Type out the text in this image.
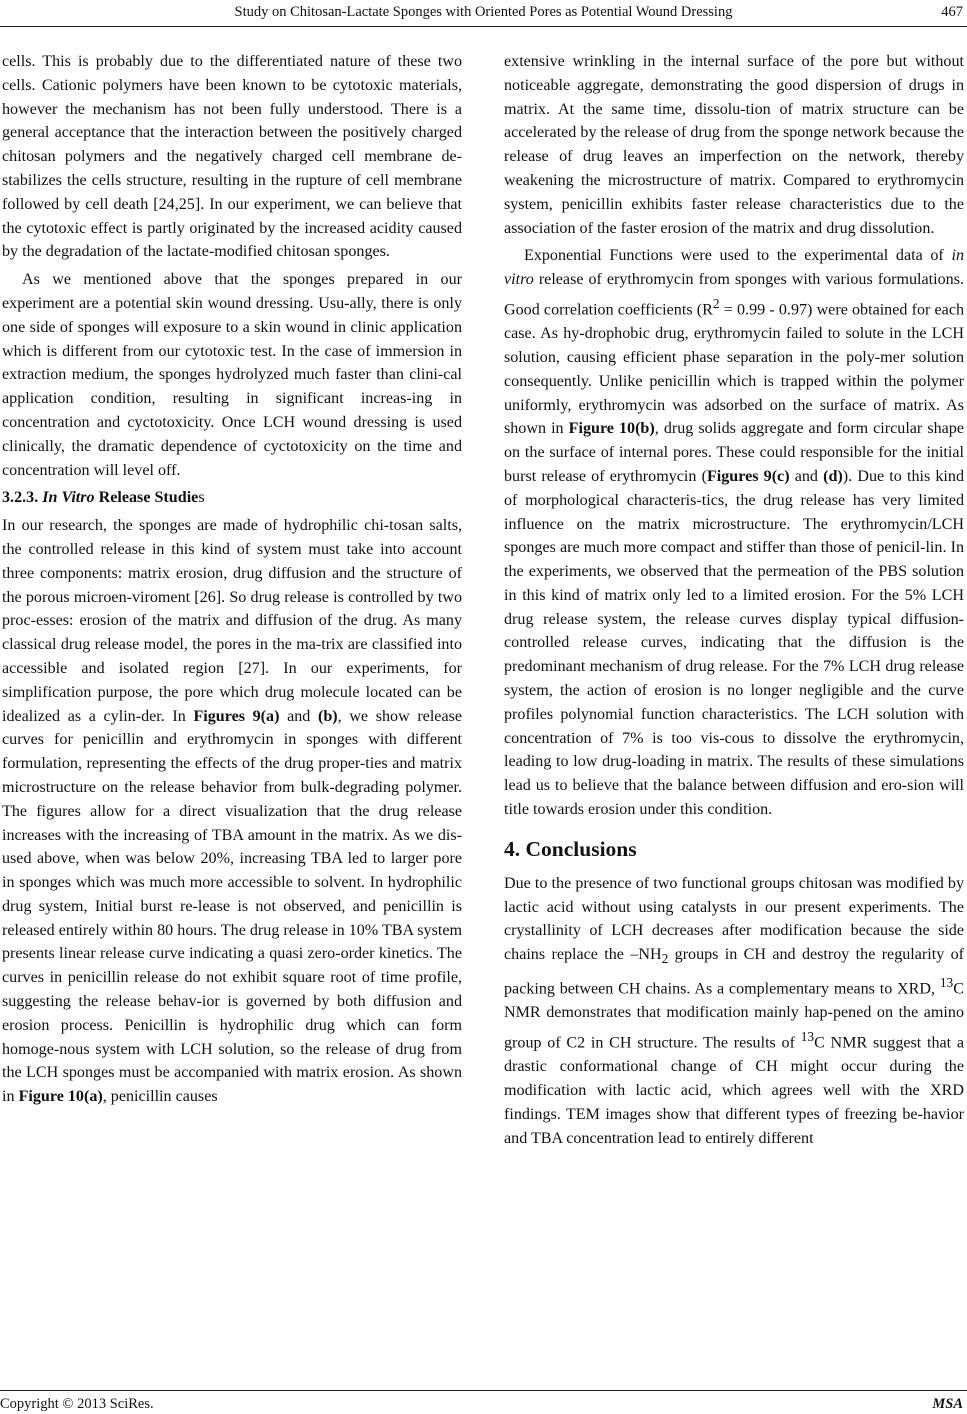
Study on Chitosan-Lactate Sponges with Oriented Pores as Potential Wound Dressing	467

cells. This is probably due to the differentiated nature of these two cells. Cationic polymers have been known to be cytotoxic materials, however the mechanism has not been fully understood. There is a general acceptance that the interaction between the positively charged chitosan polymers and the negatively charged cell membrane de-stabilizes the cells structure, resulting in the rupture of cell membrane followed by cell death [24,25]. In our experiment, we can believe that the cytotoxic effect is partly originated by the increased acidity caused by the degradation of the lactate-modified chitosan sponges.

As we mentioned above that the sponges prepared in our experiment are a potential skin wound dressing. Usu-ally, there is only one side of sponges will exposure to a skin wound in clinic application which is different from our cytotoxic test. In the case of immersion in extraction medium, the sponges hydrolyzed much faster than clini-cal application condition, resulting in significant increas-ing in concentration and cyctotoxicity. Once LCH wound dressing is used clinically, the dramatic dependence of cyctotoxicity on the time and concentration will level off.

3.2.3. In Vitro Release Studies

In our research, the sponges are made of hydrophilic chi-tosan salts, the controlled release in this kind of system must take into account three components: matrix erosion, drug diffusion and the structure of the porous microen-viroment [26]. So drug release is controlled by two proc-esses: erosion of the matrix and diffusion of the drug. As many classical drug release model, the pores in the ma-trix are classified into accessible and isolated region [27]. In our experiments, for simplification purpose, the pore which drug molecule located can be idealized as a cylin-der. In Figures 9(a) and (b), we show release curves for penicillin and erythromycin in sponges with different formulation, representing the effects of the drug proper-ties and matrix microstructure on the release behavior from bulk-degrading polymer. The figures allow for a direct visualization that the drug release increases with the increasing of TBA amount in the matrix. As we dis-used above, when was below 20%, increasing TBA led to larger pore in sponges which was much more accessible to solvent. In hydrophilic drug system, Initial burst re-lease is not observed, and penicillin is released entirely within 80 hours. The drug release in 10% TBA system presents linear release curve indicating a quasi zero-order kinetics. The curves in penicillin release do not exhibit square root of time profile, suggesting the release behav-ior is governed by both diffusion and erosion process. Penicillin is hydrophilic drug which can form homoge-nous system with LCH solution, so the release of drug from the LCH sponges must be accompanied with matrix erosion. As shown in Figure 10(a), penicillin causes

extensive wrinkling in the internal surface of the pore but without noticeable aggregate, demonstrating the good dispersion of drugs in matrix. At the same time, dissolu-tion of matrix structure can be accelerated by the release of drug from the sponge network because the release of drug leaves an imperfection on the network, thereby weakening the microstructure of matrix. Compared to erythromycin system, penicillin exhibits faster release characteristics due to the association of the faster erosion of the matrix and drug dissolution.

Exponential Functions were used to the experimental data of in vitro release of erythromycin from sponges with various formulations. Good correlation coefficients $(R^2 = 0.99 - 0.97)$ were obtained for each case. As hy-drophobic drug, erythromycin failed to solute in the LCH solution, causing efficient phase separation in the poly-mer solution consequently. Unlike penicillin which is trapped within the polymer uniformly, erythromycin was adsorbed on the surface of matrix. As shown in Figure 10(b), drug solids aggregate and form circular shape on the surface of internal pores. These could responsible for the initial burst release of erythromycin (Figures 9(c) and (d)). Due to this kind of morphological characteris-tics, the drug release has very limited influence on the matrix microstructure. The erythromycin/LCH sponges are much more compact and stiffer than those of penicil-lin. In the experiments, we observed that the permeation of the PBS solution in this kind of matrix only led to a limited erosion. For the 5% LCH drug release system, the release curves display typical diffusion-controlled release curves, indicating that the diffusion is the predominant mechanism of drug release. For the 7% LCH drug release system, the action of erosion is no longer negligible and the curve profiles polynomial function characteristics. The LCH solution with concentration of 7% is too vis-cous to dissolve the erythromycin, leading to low drug-loading in matrix. The results of these simulations lead us to believe that the balance between diffusion and ero-sion will title towards erosion under this condition.

4. Conclusions

Due to the presence of two functional groups chitosan was modified by lactic acid without using catalysts in our present experiments. The crystallinity of LCH decreases after modification because the side chains replace the $-NH_2$ groups in CH and destroy the regularity of packing between CH chains. As a complementary means to XRD, $^{13}$C NMR demonstrates that modification mainly hap-pened on the amino group of C2 in CH structure. The results of $^{13}$C NMR suggest that a drastic conformational change of CH might occur during the modification with lactic acid, which agrees well with the XRD findings. TEM images show that different types of freezing be-havior and TBA concentration lead to entirely different

Copyright © 2013 SciRes.	MSA
